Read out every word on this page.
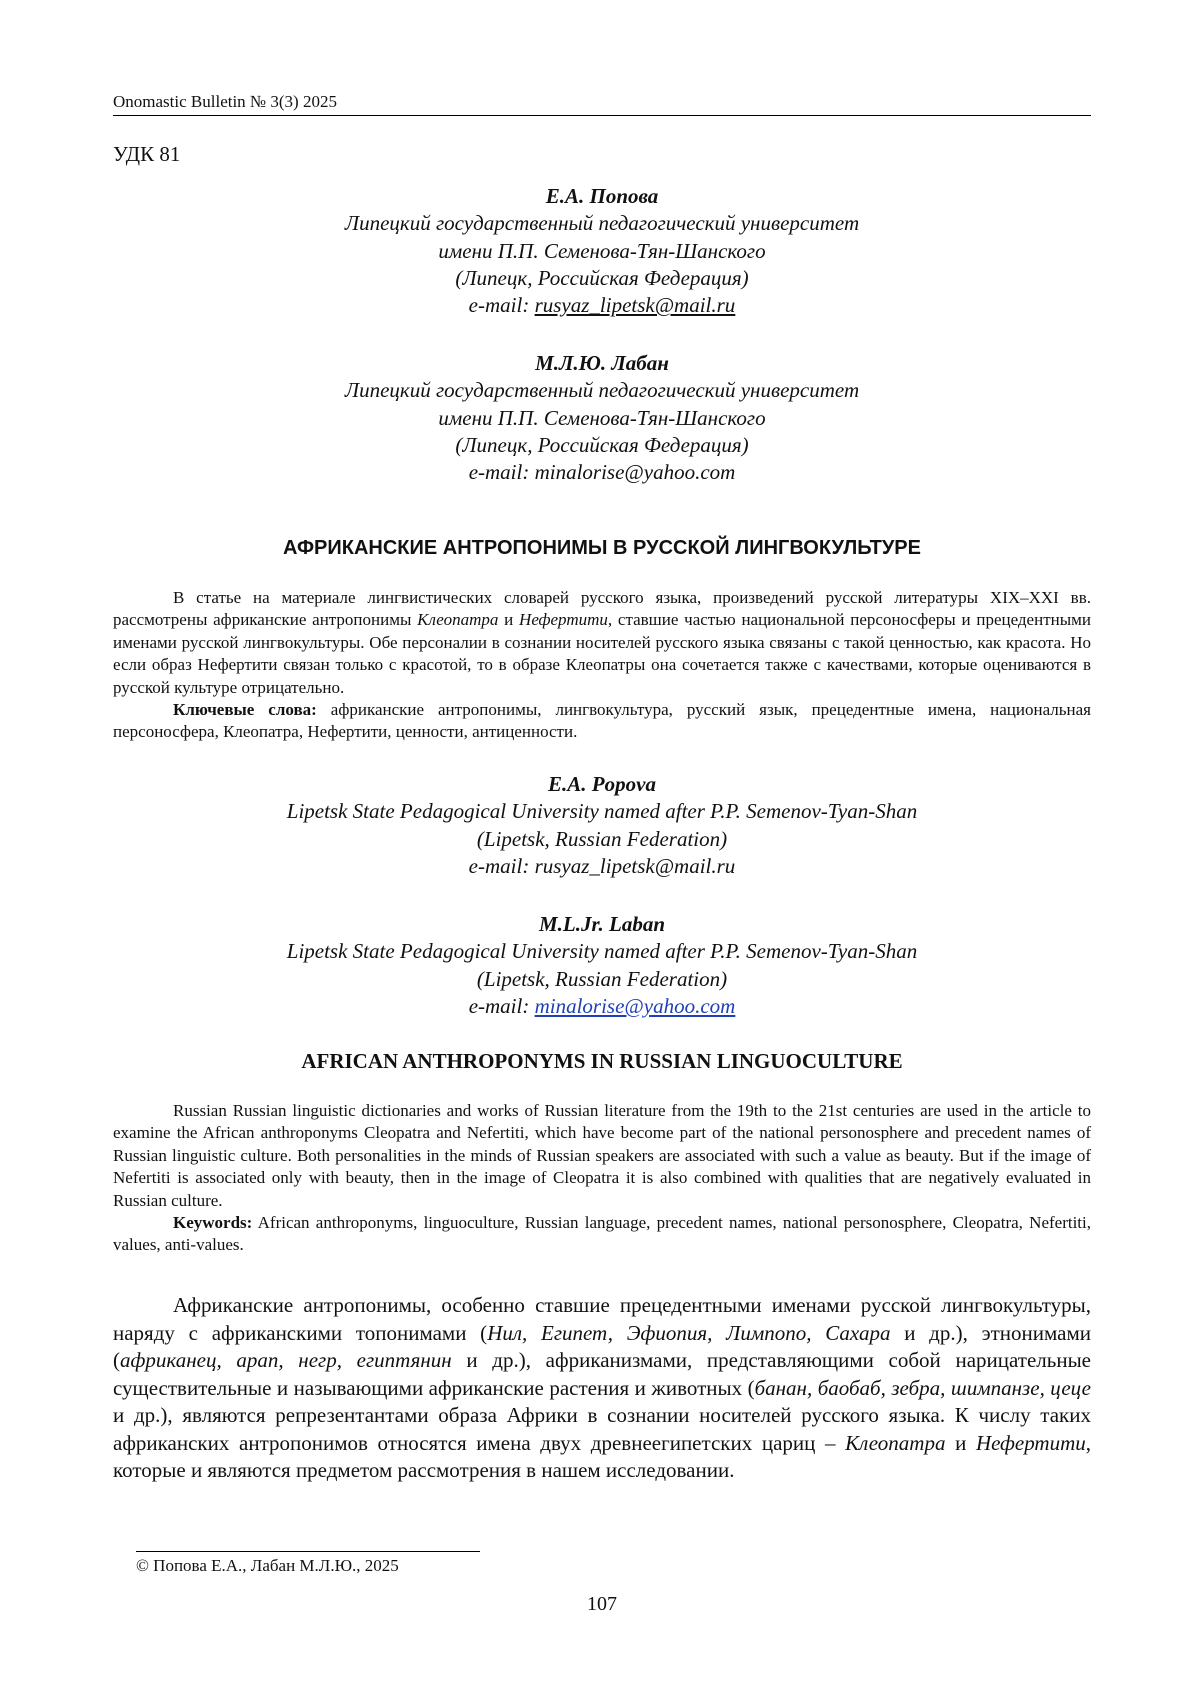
Onomastic Bulletin № 3(3) 2025
УДК 81
Е.А. Попова
Липецкий государственный педагогический университет
имени П.П. Семенова-Тян-Шанского
(Липецк, Российская Федерация)
e-mail: rusyaz_lipetsk@mail.ru
М.Л.Ю. Лабан
Липецкий государственный педагогический университет
имени П.П. Семенова-Тян-Шанского
(Липецк, Российская Федерация)
e-mail: minalorise@yahoo.com
АФРИКАНСКИЕ АНТРОПОНИМЫ В РУССКОЙ ЛИНГВОКУЛЬТУРЕ

В статье на материале лингвистических словарей русского языка, произведений русской литературы XIX–XXI вв. рассмотрены африканские антропонимы Клеопатра и Нефертити, ставшие частью национальной персоносферы и прецедентными именами русской лингвокультуры. Обе персоналии в сознании носителей русского языка связаны с такой ценностью, как красота. Но если образ Нефертити связан только с красотой, то в образе Клеопатры она сочетается также с качествами, которые оцениваются в русской культуре отрицательно.

Ключевые слова: африканские антропонимы, лингвокультура, русский язык, прецедентные имена, национальная персоносфера, Клеопатра, Нефертити, ценности, антиценности.

E.A. Popova
Lipetsk State Pedagogical University named after P.P. Semenov-Tyan-Shan
(Lipetsk, Russian Federation)
e-mail: rusyaz_lipetsk@mail.ru
M.L.Jr. Laban
Lipetsk State Pedagogical University named after P.P. Semenov-Tyan-Shan
(Lipetsk, Russian Federation)
e-mail: minalorise@yahoo.com
AFRICAN ANTHROPONYMS IN RUSSIAN LINGUOCULTURE

Russian Russian linguistic dictionaries and works of Russian literature from the 19th to the 21st centuries are used in the article to examine the African anthroponyms Cleopatra and Nefertiti, which have become part of the national personosphere and precedent names of Russian linguistic culture. Both personalities in the minds of Russian speakers are associated with such a value as beauty. But if the image of Nefertiti is associated only with beauty, then in the image of Cleopatra it is also combined with qualities that are negatively evaluated in Russian culture.

Keywords: African anthroponyms, linguoculture, Russian language, precedent names, national personosphere, Cleopatra, Nefertiti, values, anti-values.

Африканские антропонимы, особенно ставшие прецедентными именами русской лингвокультуры, наряду с африканскими топонимами (Нил, Египет, Эфиопия, Лимпопо, Сахара и др.), этнонимами (африканец, арап, негр, египтянин и др.), африканизмами, представляющими собой нарицательные существительные и называющими африканские растения и животных (банан, баобаб, зебра, шимпанзе, цеце и др.), являются репрезентантами образа Африки в сознании носителей русского языка. К числу таких африканских антропонимов относятся имена двух древнеегипетских цариц – Клеопатра и Нефертити, которые и являются предметом рассмотрения в нашем исследовании.

© Попова Е.А., Лабан М.Л.Ю., 2025
107
